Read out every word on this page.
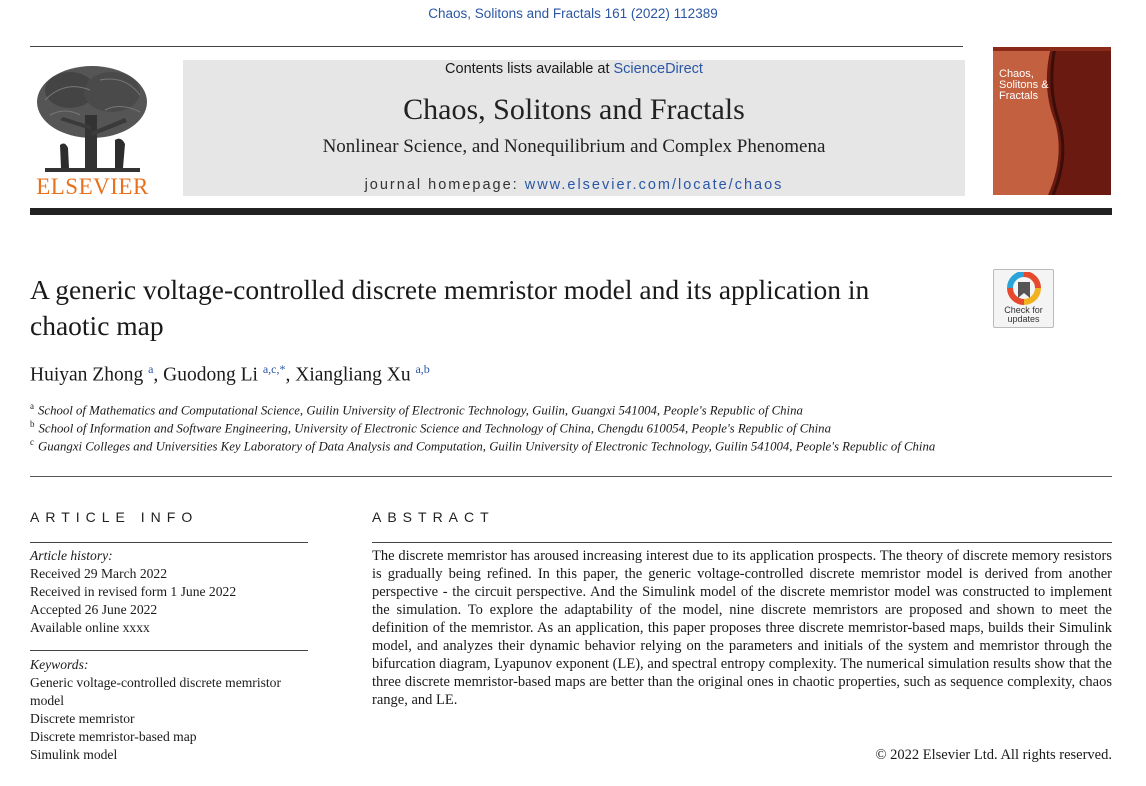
Chaos, Solitons and Fractals 161 (2022) 112389
ELSEVIER
Contents lists available at ScienceDirect
Chaos, Solitons and Fractals
Nonlinear Science, and Nonequilibrium and Complex Phenomena
journal homepage: www.elsevier.com/locate/chaos
Chaos, Solitons & Fractals
A generic voltage-controlled discrete memristor model and its application in chaotic map	Check for updates
Huiyan Zhong $^a$, Guodong Li $^{a,c,*}$, Xiangliang Xu $^{a,b}$
$^a$ School of Mathematics and Computational Science, Guilin University of Electronic Technology, Guilin, Guangxi 541004, People's Republic of China
$^b$ School of Information and Software Engineering, University of Electronic Science and Technology of China, Chengdu 610054, People's Republic of China
$^c$ Guangxi Colleges and Universities Key Laboratory of Data Analysis and Computation, Guilin University of Electronic Technology, Guilin 541004, People's Republic of China
ARTICLE INFO
Article history:
Received 29 March 2022
Received in revised form 1 June 2022
Accepted 26 June 2022
Available online xxxx
Keywords:
Generic voltage-controlled discrete memristor model
Discrete memristor
Discrete memristor-based map
Simulink model
ABSTRACT
The discrete memristor has aroused increasing interest due to its application prospects. The theory of discrete memory resistors is gradually being refined. In this paper, the generic voltage-controlled discrete memristor model is derived from another perspective - the circuit perspective. And the Simulink model of the discrete memristor model was constructed to implement the simulation. To explore the adaptability of the model, nine discrete memristors are proposed and shown to meet the definition of the memristor. As an application, this paper proposes three discrete memristor-based maps, builds their Simulink model, and analyzes their dynamic behavior relying on the parameters and initials of the system and memristor through the bifurcation diagram, Lyapunov exponent (LE), and spectral entropy complexity. The numerical simulation results show that the three discrete memristor-based maps are better than the original ones in chaotic properties, such as sequence complexity, chaos range, and LE.
© 2022 Elsevier Ltd. All rights reserved.
